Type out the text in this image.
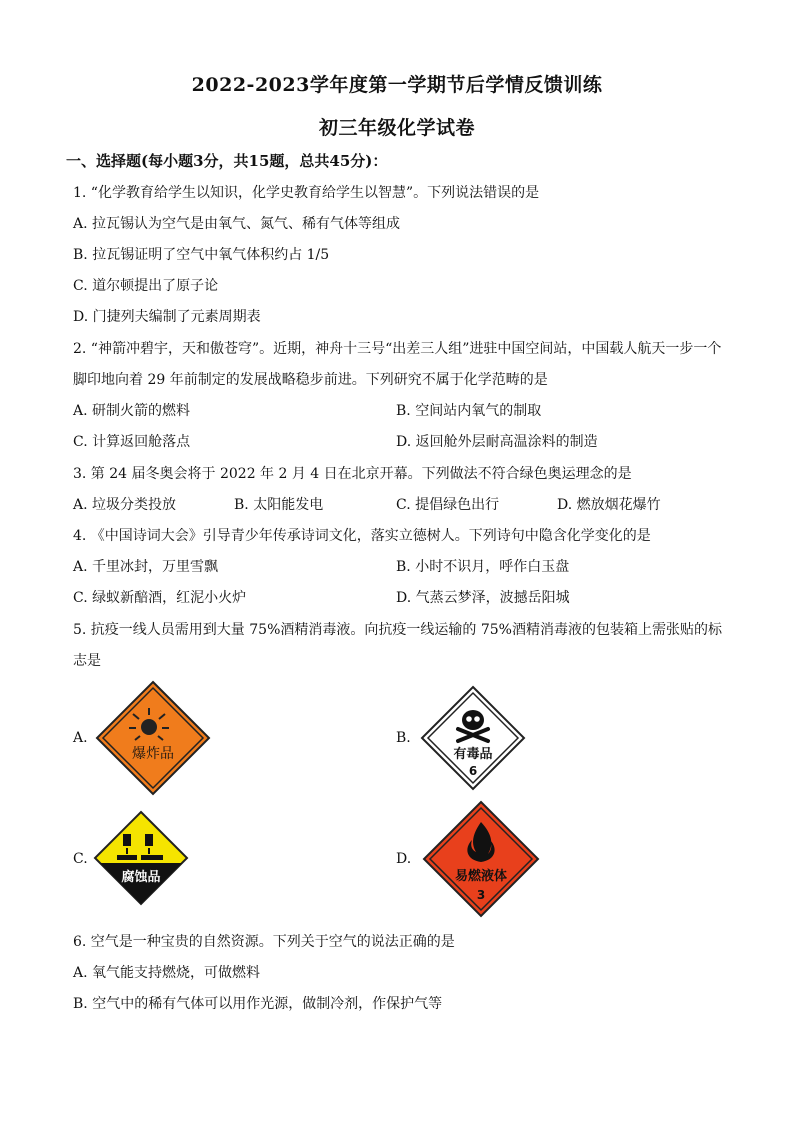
2022-2023学年度第一学期节后学情反馈训练
初三年级化学试卷
一、选择题(每小题3分，共15题，总共45分)：
1. “化学教育给学生以知识，化学史教育给学生以智慧”。下列说法错误的是
A. 拉瓦锡认为空气是由氧气、氮气、稀有气体等组成
B. 拉瓦锡证明了空气中氧气体积约占 1/5
C. 道尔顿提出了原子论
D. 门捷列夫编制了元素周期表
2. “神箭冲碧宇，天和傲苍穹”。近期，神舟十三号“出差三人组”进驻中国空间站，中国载人航天一步一个
脚印地向着 29 年前制定的发展战略稳步前进。下列研究不属于化学范畴的是
A. 研制火箭的燃料	B. 空间站内氧气的制取
C. 计算返回舱落点	D. 返回舱外层耐高温涂料的制造
3. 第 24 届冬奥会将于 2022 年 2 月 4 日在北京开幕。下列做法不符合绿色奥运理念的是
A. 垃圾分类投放	B. 太阳能发电	C. 提倡绿色出行	D. 燃放烟花爆竹
4. 《中国诗词大会》引导青少年传承诗词文化，落实立德树人。下列诗句中隐含化学变化的是
A. 千里冰封，万里雪飘	B. 小时不识月，呼作白玉盘
C. 绿蚁新醅酒，红泥小火炉	D. 气蒸云梦泽，波撼岳阳城
5. 抗疫一线人员需用到大量 75%酒精消毒液。向抗疫一线运输的 75%酒精消毒液的包装箱上需张贴的标
志是
A.
爆炸品
B.
有毒品
6
C.
腐蚀品
D.
易燃液体
3
6. 空气是一种宝贵的自然资源。下列关于空气的说法正确的是
A. 氧气能支持燃烧，可做燃料
B. 空气中的稀有气体可以用作光源，做制冷剂，作保护气等
